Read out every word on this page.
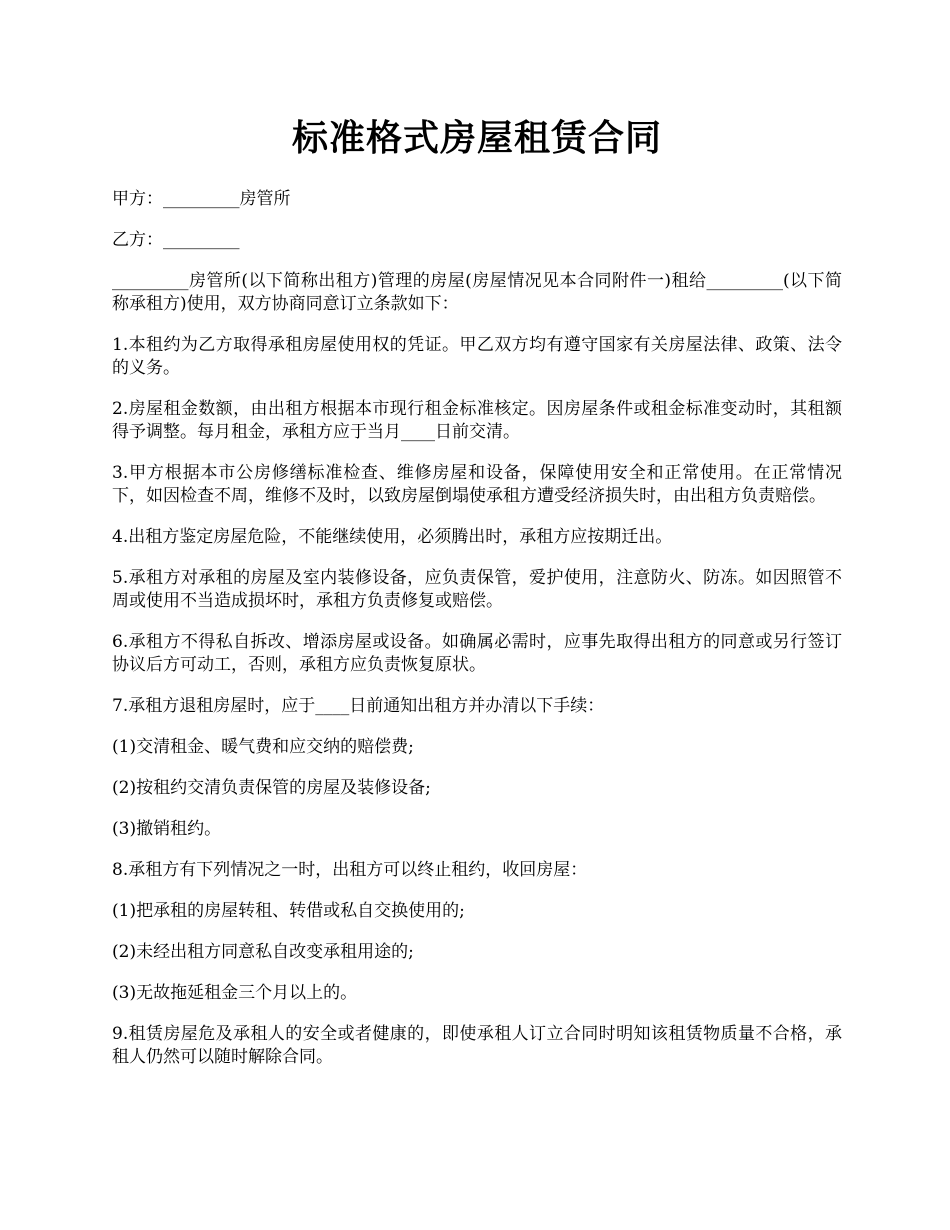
标准格式房屋租赁合同

甲方：_________房管所

乙方：_________

_________房管所(以下简称出租方)管理的房屋(房屋情况见本合同附件一)租给_________(以下简称承租方)使用，双方协商同意订立条款如下：

1.本租约为乙方取得承租房屋使用权的凭证。甲乙双方均有遵守国家有关房屋法律、政策、法令的义务。

2.房屋租金数额，由出租方根据本市现行租金标准核定。因房屋条件或租金标准变动时，其租额得予调整。每月租金，承租方应于当月____日前交清。

3.甲方根据本市公房修缮标准检查、维修房屋和设备，保障使用安全和正常使用。在正常情况下，如因检查不周，维修不及时，以致房屋倒塌使承租方遭受经济损失时，由出租方负责赔偿。

4.出租方鉴定房屋危险，不能继续使用，必须腾出时，承租方应按期迁出。

5.承租方对承租的房屋及室内装修设备，应负责保管，爱护使用，注意防火、防冻。如因照管不周或使用不当造成损坏时，承租方负责修复或赔偿。

6.承租方不得私自拆改、增添房屋或设备。如确属必需时，应事先取得出租方的同意或另行签订协议后方可动工，否则，承租方应负责恢复原状。

7.承租方退租房屋时，应于____日前通知出租方并办清以下手续：

(1)交清租金、暖气费和应交纳的赔偿费;

(2)按租约交清负责保管的房屋及装修设备;

(3)撤销租约。

8.承租方有下列情况之一时，出租方可以终止租约，收回房屋：

(1)把承租的房屋转租、转借或私自交换使用的;

(2)未经出租方同意私自改变承租用途的;

(3)无故拖延租金三个月以上的。

9.租赁房屋危及承租人的安全或者健康的，即使承租人订立合同时明知该租赁物质量不合格，承租人仍然可以随时解除合同。
